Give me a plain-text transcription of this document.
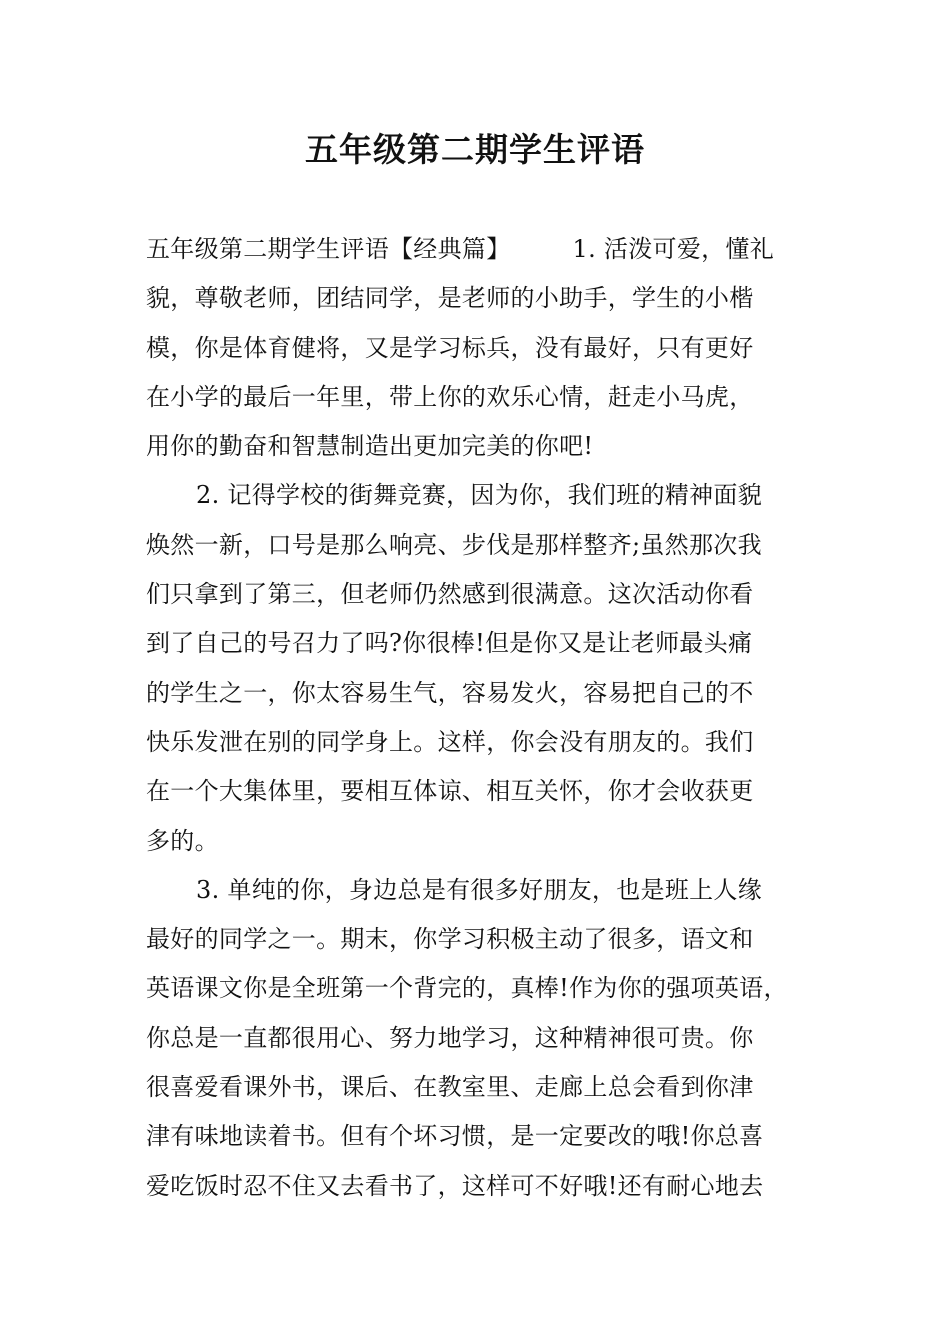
五年级第二期学生评语
五年级第二期学生评语【经典篇】	1. 活泼可爱，懂礼
貌，尊敬老师，团结同学，是老师的小助手，学生的小楷
模，你是体育健将，又是学习标兵，没有最好，只有更好
在小学的最后一年里，带上你的欢乐心情，赶走小马虎，
用你的勤奋和智慧制造出更加完美的你吧!
2. 记得学校的街舞竞赛，因为你，我们班的精神面貌
焕然一新，口号是那么响亮、步伐是那样整齐;虽然那次我
们只拿到了第三，但老师仍然感到很满意。这次活动你看
到了自己的号召力了吗?你很棒!但是你又是让老师最头痛
的学生之一，你太容易生气，容易发火，容易把自己的不
快乐发泄在别的同学身上。这样，你会没有朋友的。我们
在一个大集体里，要相互体谅、相互关怀，你才会收获更
多的。
3. 单纯的你，身边总是有很多好朋友，也是班上人缘
最好的同学之一。期末，你学习积极主动了很多，语文和
英语课文你是全班第一个背完的，真棒!作为你的强项英语，
你总是一直都很用心、努力地学习，这种精神很可贵。你
很喜爱看课外书，课后、在教室里、走廊上总会看到你津
津有味地读着书。但有个坏习惯，是一定要改的哦!你总喜
爱吃饭时忍不住又去看书了，这样可不好哦!还有耐心地去
